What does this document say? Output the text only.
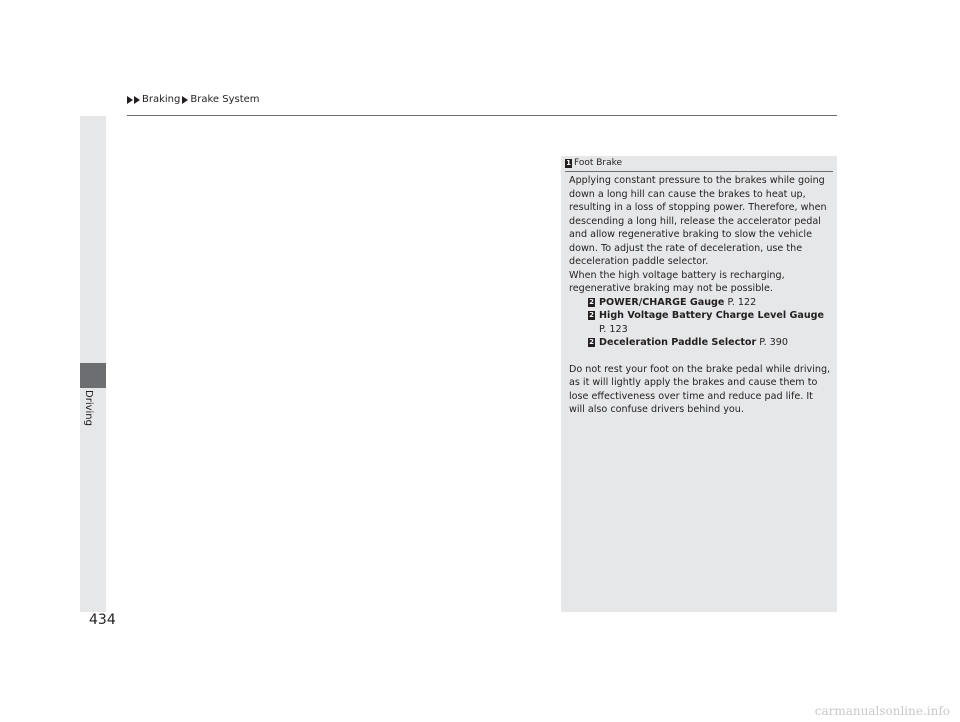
Braking Brake System
Driving
434
1 Foot Brake

Applying constant pressure to the brakes while going down a long hill can cause the brakes to heat up, resulting in a loss of stopping power. Therefore, when descending a long hill, release the accelerator pedal and allow regenerative braking to slow the vehicle down. To adjust the rate of deceleration, use the deceleration paddle selector.

When the high voltage battery is recharging, regenerative braking may not be possible.

2 POWER/CHARGE Gauge P. 122
2 High Voltage Battery Charge Level Gauge P. 123
2 Deceleration Paddle Selector P. 390

Do not rest your foot on the brake pedal while driving, as it will lightly apply the brakes and cause them to lose effectiveness over time and reduce pad life. It will also confuse drivers behind you.

carmanualsonline.info
